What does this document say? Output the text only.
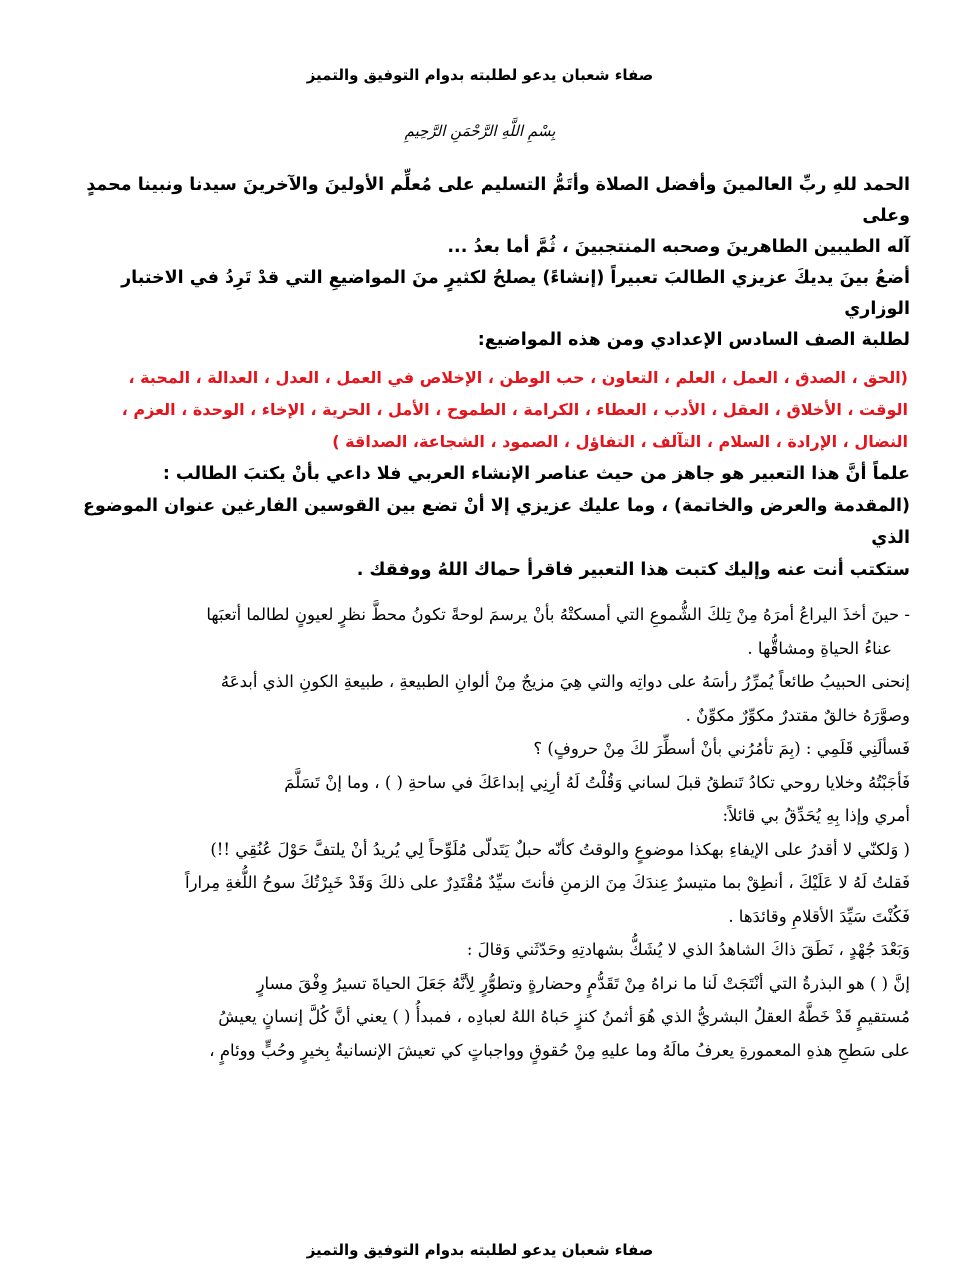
صفاء شعبان يدعو لطلبته بدوام التوفيق والتميز
بِسْمِ اللَّهِ الرَّحْمَنِ الرَّحِيمِ

الحمد للهِ ربِّ العالمينَ وأفضل الصلاة وأتَمُّ التسليم على مُعلِّم الأولينَ والآخرينَ سيدنا ونبينا محمدٍ وعلى

آله الطيبين الطاهرينَ وصحبه المنتجبينَ ، ثُمَّ أما بعدُ ...

أضعُ بينَ يديكَ عزيزي الطالبَ تعبيراً (إنشاءً) يصلحُ لكثيرٍ منَ المواضيعِ التي قدْ تَرِدُ في الاختبار الوزاري

لطلبة الصف السادس الإعدادي ومن هذه المواضيع:

(الحق ، الصدق ، العمل ، العلم ، التعاون ، حب الوطن ، الإخلاص في العمل ، العدل ، العدالة ، المحبة ،

الوقت ، الأخلاق ، العقل ، الأدب ، العطاء ، الكرامة ، الطموح ، الأمل ، الحرية ، الإخاء ، الوحدة ، العزم ،

النضال ، الإرادة ، السلام ، التآلف ، التفاؤل ، الصمود ، الشجاعة، الصداقة )

علماً أنَّ هذا التعبير هو جاهز من حيث عناصر الإنشاء العربي فلا داعي بأنْ يكتبَ الطالب :

(المقدمة والعرض والخاتمة) ، وما عليك عزيزي إلا أنْ تضع بين القوسين الفارغين عنوان الموضوع الذي

ستكتب أنت عنه وإليك كتبت هذا التعبير فاقرأ حماك اللهُ ووفقك .

- حينَ أخذَ اليراعُ أمرَهُ مِنْ تِلكَ الشُّموعِ التي أمسكتْهُ بأنْ يرسمَ لوحةً تكونُ محطَّ نظرٍ لعيونٍ لطالما أتعبَها

عناءُ الحياةِ ومشاقُّها .

إنحنى الحبيبُ طائعاً يُمرِّرُ رأسَهُ على دواتِه والتي هِيَ مزيجٌ مِنْ ألوانِ الطبيعةِ ، طبيعةِ الكونِ الذي أبدعَهُ

وصوَّرَهُ خالقٌ مقتدرٌ مكوِّرٌ مكوِّنٌ .

فَسألَنِي قَلَمِي : (بِمَ تأمُرُني بأنْ أسطِّرَ لكَ مِنْ حروفٍ) ؟

فَأجَبْتُهُ وخلايا روحي تكادُ تَنطقُ قبلَ لساني وَقُلْتُ لَهُ أرِنِي إبداعَكَ في ساحةِ ( ) ، وما إنْ تَسَلَّمَ

أمري وإذا بِهِ يُحَدِّقُ بي قائلاً:

( وَلكنّي لا أقدرُ على الإيفاءِ بهكذا موضوعٍ والوقتُ كأنّه حبلٌ يَتَدلّى مُلَوِّحاً لِي يُريدُ أنْ يلتفَّ حَوْلَ عُنُقِي !!)

فَقلتُ لَهُ لا عَلَيْكَ ، أنطِقْ بما متيسرٌ عِندَكَ مِنَ الزمنِ فأنتَ سيِّدٌ مُقْتَدِرٌ على ذلكَ وَقَدْ خَبِرْتُكَ سوحُ اللُّغةِ مِراراً

فَكُنْتَ سَيِّدَ الأقلامِ وقائدَها .

وَبَعْدَ جُهْدٍ ، نَطَقَ ذاكَ الشاهدُ الذي لا يُشَكُّ بشهادتِهِ وحَدّثَني وَقالَ :

إنَّ ( ) هو البذرةُ التي أنْتَجَتْ لَنا ما نراهُ مِنْ تَقَدُّمٍ وحضارةٍ وتطوُّرٍ لِأنَّهُ جَعَلَ الحياةَ تسيرُ وِفْقَ مسارٍ

مُستقيمٍ قَدْ خَطَّهُ العقلُ البشريُّ الذي هُوَ أثمنُ كنزٍ حَباهُ اللهُ لعبادِه ، فمبدأُ ( ) يعني أنَّ كُلَّ إنسانٍ يعيشُ

على سَطحِ هذهِ المعمورةِ يعرفُ مالَهُ وما عليهِ مِنْ حُقوقٍ وواجباتٍ كي تعيشَ الإنسانيةُ بِخيرٍ وحُبٍّ ووئامٍ ،

صفاء شعبان يدعو لطلبته بدوام التوفيق والتميز
